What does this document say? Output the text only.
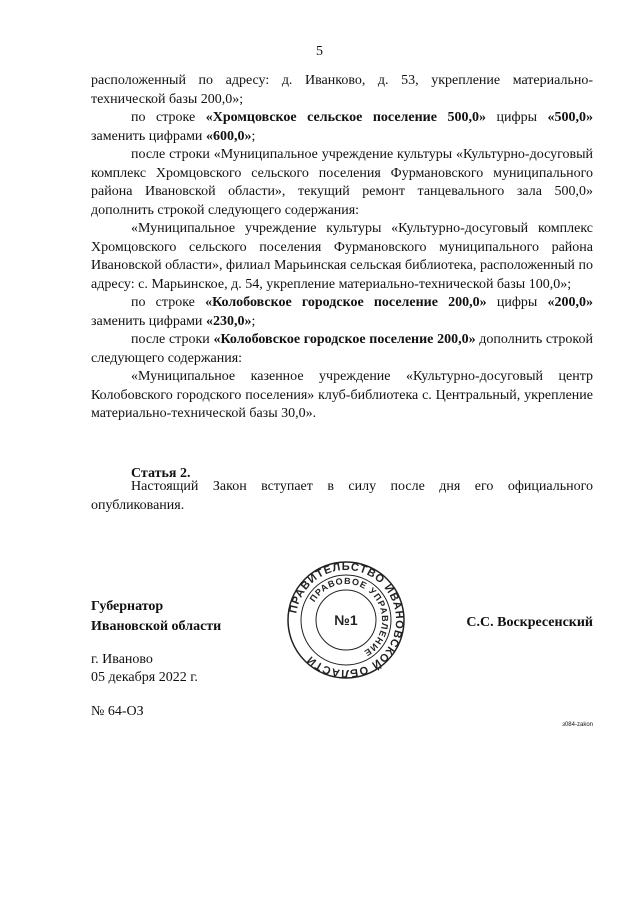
5

расположенный по адресу: д. Иванково, д. 53, укрепление материально-технической базы 200,0»;

по строке «Хромцовское сельское поселение 500,0» цифры «500,0» заменить цифрами «600,0»;

после строки «Муниципальное учреждение культуры «Культурно-досуговый комплекс Хромцовского сельского поселения Фурмановского муниципального района Ивановской области», текущий ремонт танцевального зала 500,0» дополнить строкой следующего содержания:

«Муниципальное учреждение культуры «Культурно-досуговый комплекс Хромцовского сельского поселения Фурмановского муниципального района Ивановской области», филиал Марьинская сельская библиотека, расположенный по адресу: с. Марьинское, д. 54, укрепление материально-технической базы 100,0»;

по строке «Колобовское городское поселение 200,0» цифры «200,0» заменить цифрами «230,0»;

после строки «Колобовское городское поселение 200,0» дополнить строкой следующего содержания:

«Муниципальное казенное учреждение «Культурно-досуговый центр Колобовского городского поселения» клуб-библиотека с. Центральный, укрепление материально-технической базы 30,0».

Статья 2.

Настоящий Закон вступает в силу после дня его официального опубликования.

Губернатор
Ивановской области
ПРАВИТЕЛЬСТВО ИВАНОВСКОЙ ОБЛАСТИ
ПРАВОВОЕ УПРАВЛЕНИЕ
№1	С.С. Воскресенский
г. Иваново
05 декабря 2022 г.
№ 64-ОЗ
з084-zakon
